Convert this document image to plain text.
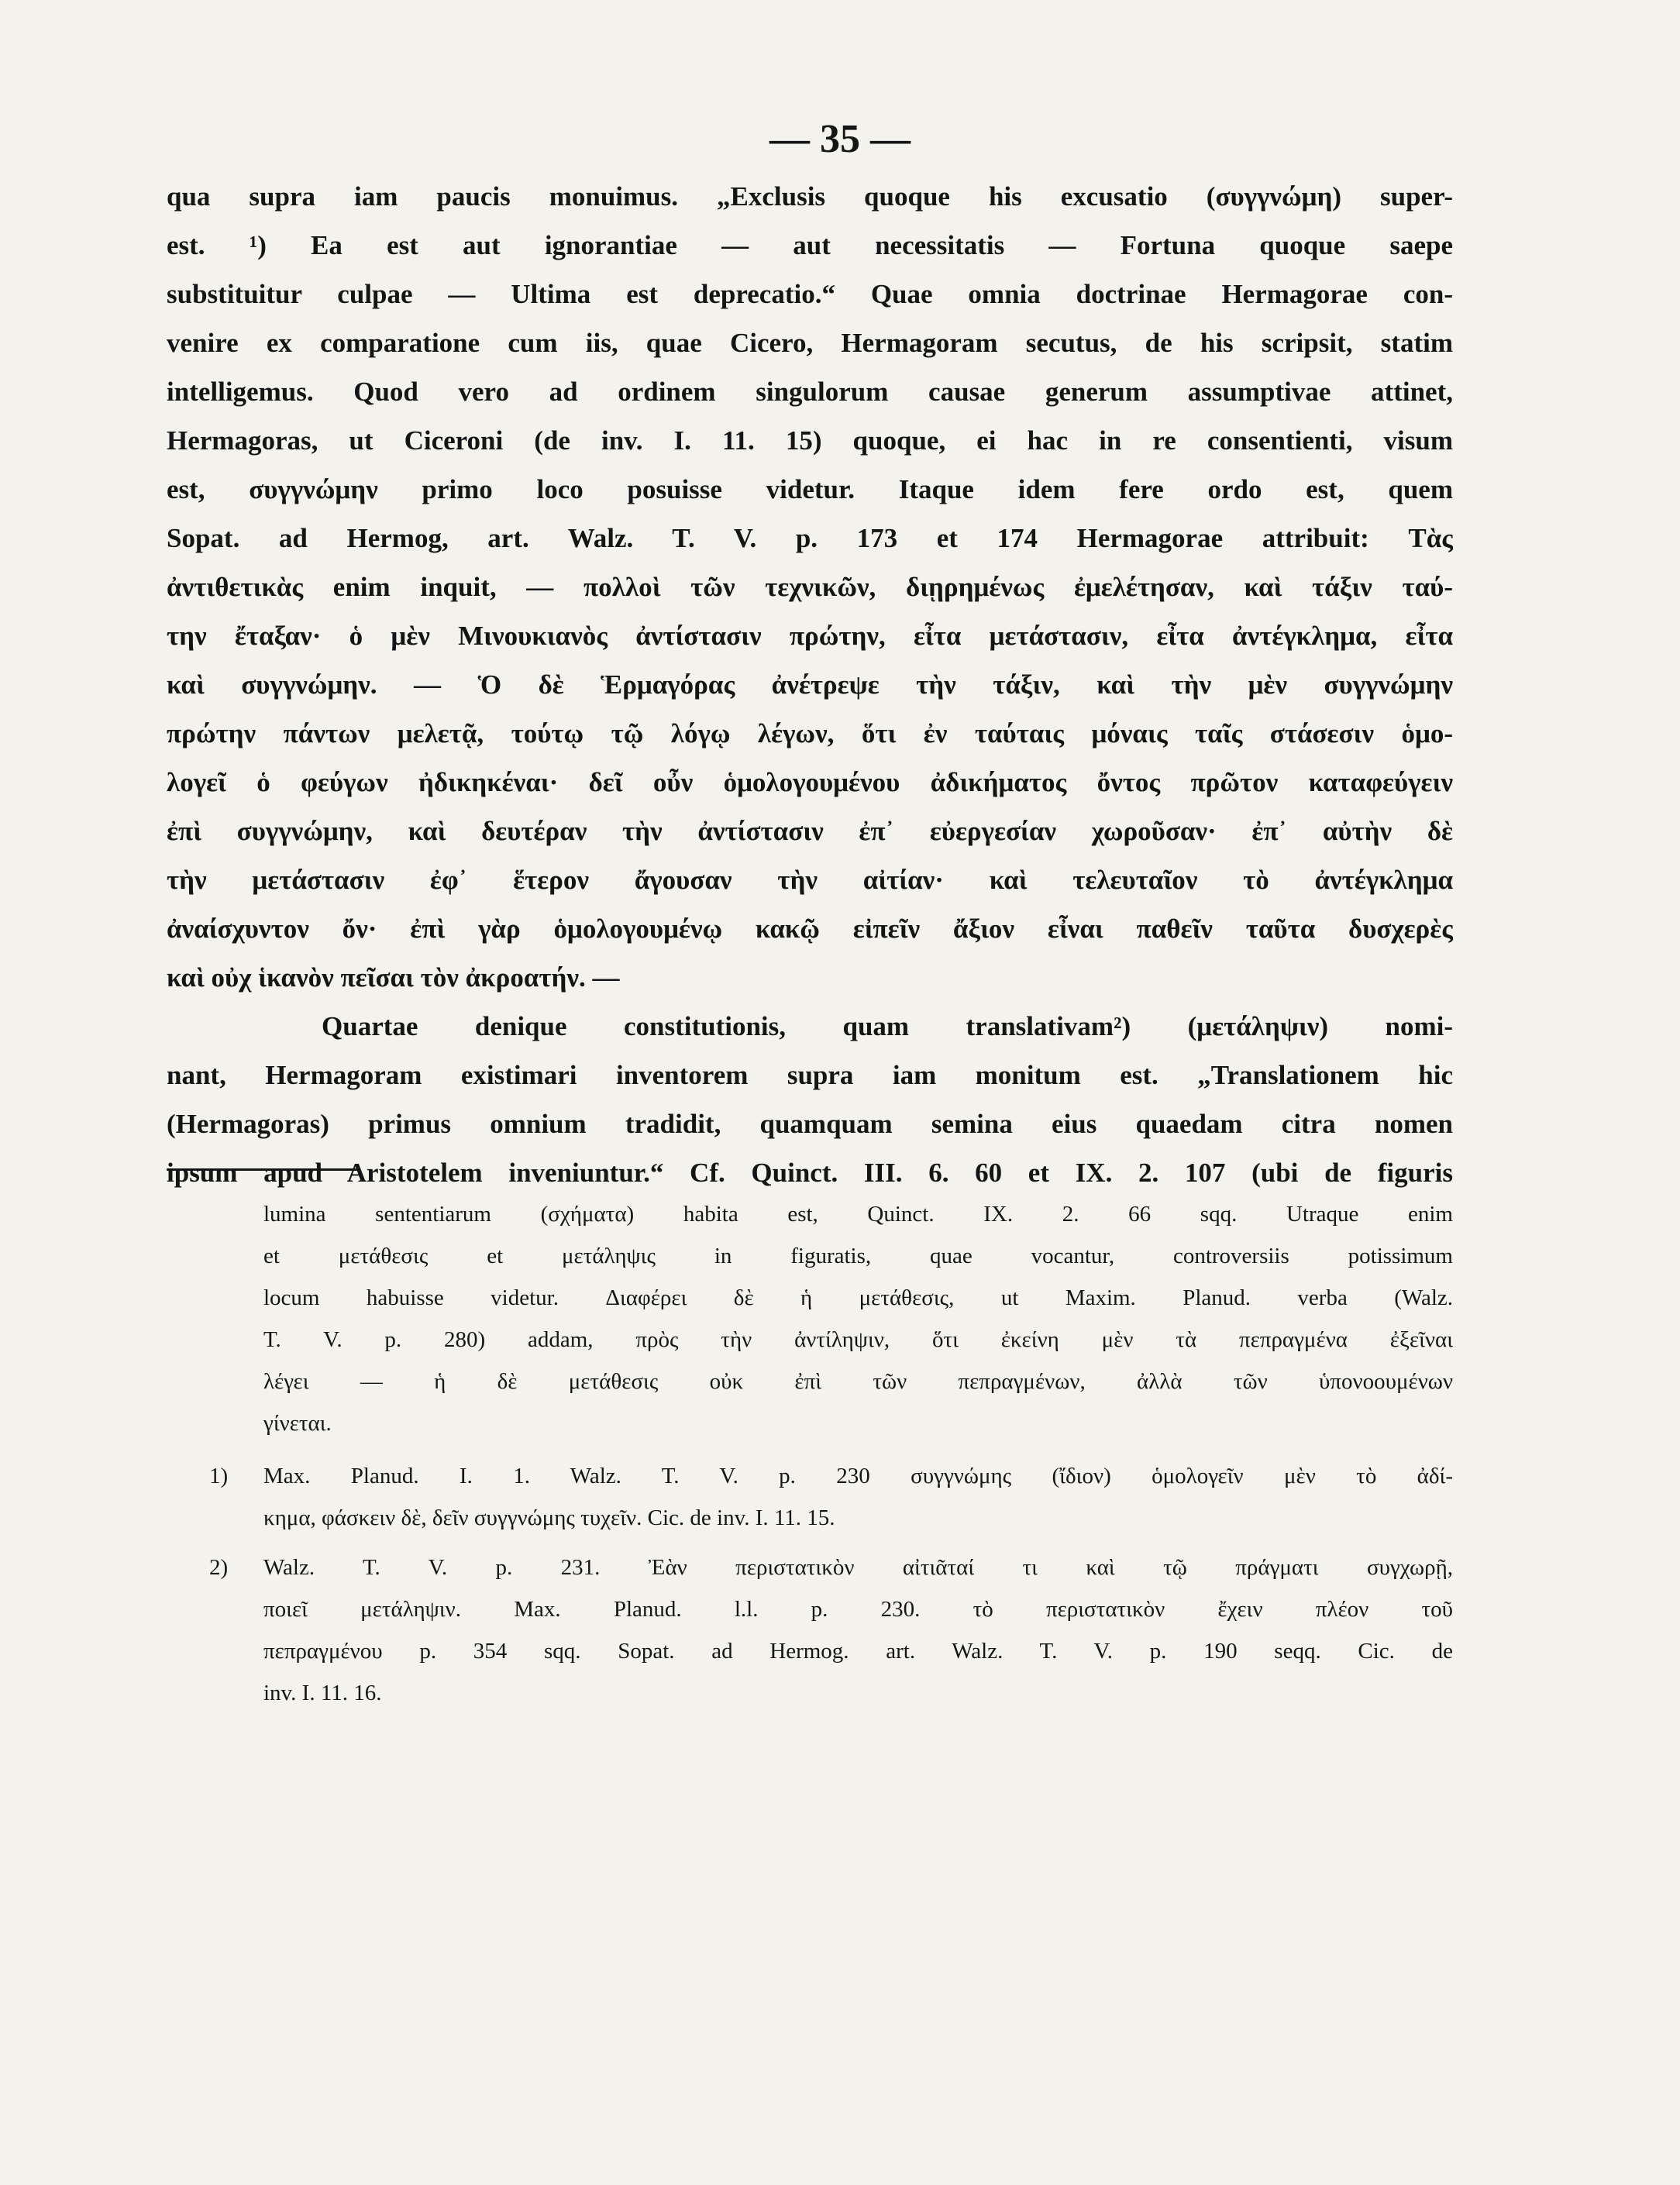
— 35 —
qua supra iam paucis monuimus. „Exclusis quoque his excusatio (συγγνώμη) super-
est. ¹) Ea est aut ignorantiae — aut necessitatis — Fortuna quoque saepe
substituitur culpae — Ultima est deprecatio.“ Quae omnia doctrinae Hermagorae con-
venire ex comparatione cum iis, quae Cicero, Hermagoram secutus, de his scripsit, statim
intelligemus. Quod vero ad ordinem singulorum causae generum assumptivae attinet,
Hermagoras, ut Ciceroni (de inv. I. 11. 15) quoque, ei hac in re consentienti, visum
est, συγγνώμην primo loco posuisse videtur. Itaque idem fere ordo est, quem
Sopat. ad Hermog, art. Walz. T. V. p. 173 et 174 Hermagorae attribuit: Τὰς
ἀντιθετικὰς enim inquit, — πολλοὶ τῶν τεχνικῶν, διῃρημένως ἐμελέτησαν, καὶ τάξιν ταύ-
την ἔταξαν· ὁ μὲν Μινουκιανὸς ἀντίστασιν πρώτην, εἶτα μετάστασιν, εἶτα ἀντέγκλημα, εἶτα
καὶ συγγνώμην. — Ὁ δὲ Ἑρμαγόρας ἀνέτρεψε τὴν τάξιν, καὶ τὴν μὲν συγγνώμην
πρώτην πάντων μελετᾷ, τούτῳ τῷ λόγῳ λέγων, ὅτι ἐν ταύταις μόναις ταῖς στάσεσιν ὁμο-
λογεῖ ὁ φεύγων ἠδικηκέναι· δεῖ οὖν ὁμολογουμένου ἀδικήματος ὄντος πρῶτον καταφεύγειν
ἐπὶ συγγνώμην, καὶ δευτέραν τὴν ἀντίστασιν ἐπ᾽ εὐεργεσίαν χωροῦσαν· ἐπ᾽ αὐτὴν δὲ
τὴν μετάστασιν ἐφ᾽ ἕτερον ἄγουσαν τὴν αἰτίαν· καὶ τελευταῖον τὸ ἀντέγκλημα
ἀναίσχυντον ὄν· ἐπὶ γὰρ ὁμολογουμένῳ κακῷ εἰπεῖν ἄξιον εἶναι παθεῖν ταῦτα δυσχερὲς
καὶ οὐχ ἱκανὸν πεῖσαι τὸν ἀκροατήν. —
Quartae denique constitutionis, quam translativam²) (μετάληψιν) nomi-
nant, Hermagoram existimari inventorem supra iam monitum est. „Translationem hic
(Hermagoras) primus omnium tradidit, quamquam semina eius quaedam citra nomen
ipsum apud Aristotelem inveniuntur.“ Cf. Quinct. III. 6. 60 et IX. 2. 107 (ubi de figuris
lumina sententiarum (σχήματα) habita est, Quinct. IX. 2. 66 sqq. Utraque enim
et μετάθεσις et μετάληψις in figuratis, quae vocantur, controversiis potissimum
locum habuisse videtur. Διαφέρει δὲ ἡ μετάθεσις, ut Maxim. Planud. verba (Walz.
T. V. p. 280) addam, πρὸς τὴν ἀντίληψιν, ὅτι ἐκείνη μὲν τὰ πεπραγμένα ἐξεῖναι
λέγει — ἡ δὲ μετάθεσις οὐκ ἐπὶ τῶν πεπραγμένων, ἀλλὰ τῶν ὑπονοουμένων
γίνεται.
1) Max. Planud. I. 1. Walz. T. V. p. 230 συγγνώμης (ἴδιον) ὁμολογεῖν μὲν τὸ ἀδί-
κημα, φάσκειν δὲ, δεῖν συγγνώμης τυχεῖν. Cic. de inv. I. 11. 15.
2) Walz. T. V. p. 231. Ἐὰν περιστατικὸν αἰτιᾶταί τι καὶ τῷ πράγματι συγχωρῇ,
ποιεῖ μετάληψιν. Max. Planud. l.l. p. 230. τὸ περιστατικὸν ἔχειν πλέον τοῦ
πεπραγμένου p. 354 sqq. Sopat. ad Hermog. art. Walz. T. V. p. 190 seqq. Cic. de
inv. I. 11. 16.
